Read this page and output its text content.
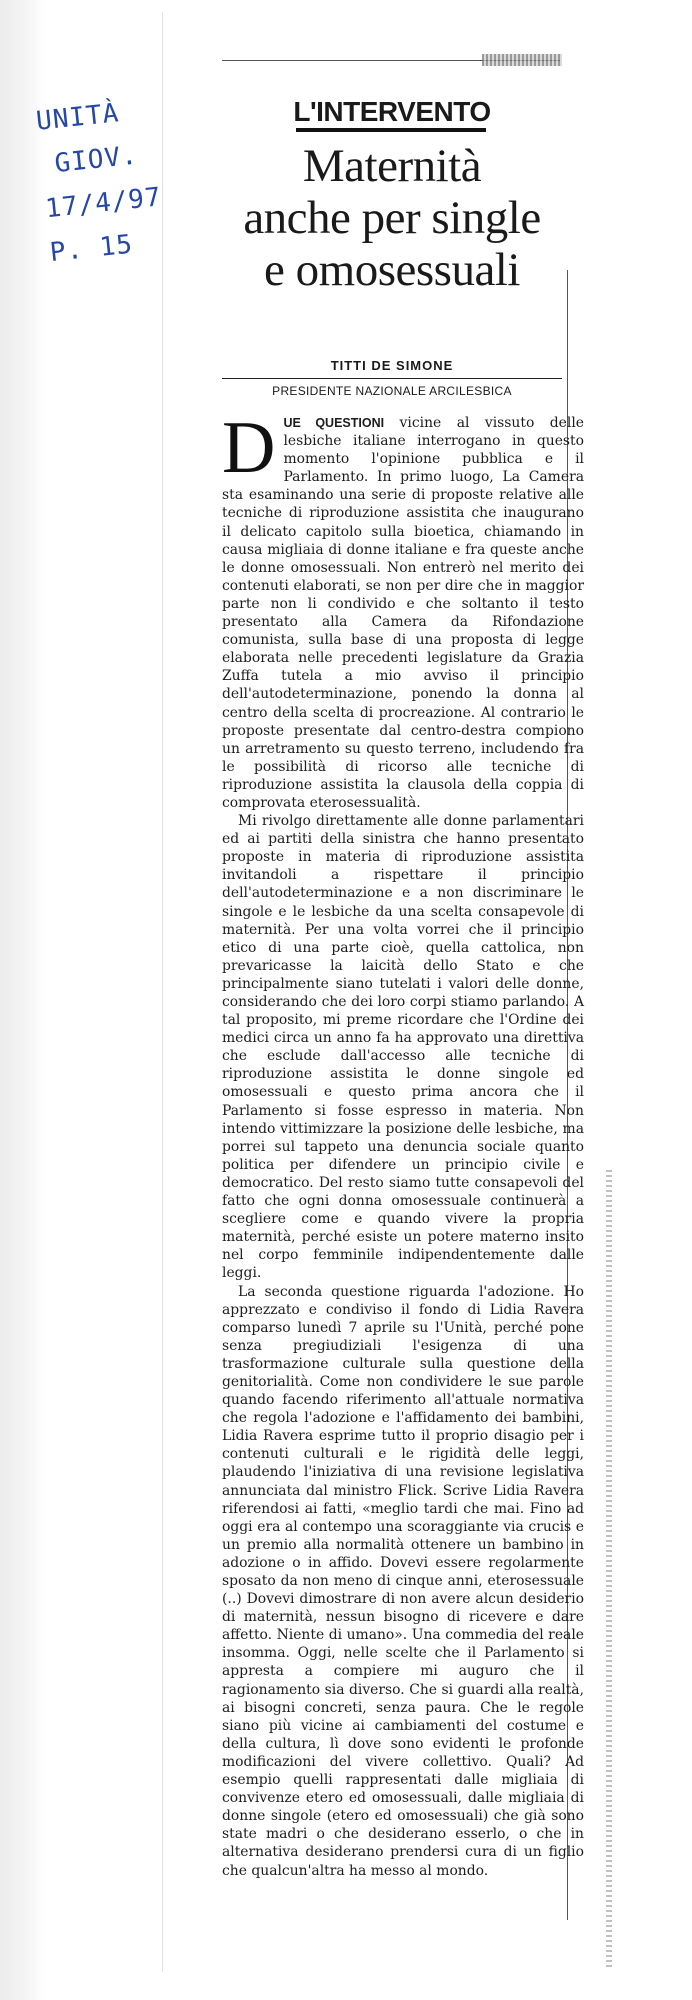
UNITÀ
GIOV.
17/4/97
P. 15
L'INTERVENTO
Maternità
anche per single
e omosessuali
TITTI DE SIMONE
PRESIDENTE NAZIONALE ARCILESBICA

DUE QUESTIONI vicine al vissuto delle lesbiche italiane interrogano in questo momento l'opinione pubblica e il Parlamento. In primo luogo, La Camera sta esaminando una serie di proposte relative alle tecniche di riproduzione assistita che inaugurano il delicato capitolo sulla bioetica, chiamando in causa migliaia di donne italiane e fra queste anche le donne omosessuali. Non entrerò nel merito dei contenuti elaborati, se non per dire che in maggior parte non li condivido e che soltanto il testo presentato alla Camera da Rifondazione comunista, sulla base di una proposta di legge elaborata nelle precedenti legislature da Grazia Zuffa tutela a mio avviso il principio dell'autodeterminazione, ponendo la donna al centro della scelta di procreazione. Al contrario le proposte presentate dal centro-destra compiono un arretramento su questo terreno, includendo fra le possibilità di ricorso alle tecniche di riproduzione assistita la clausola della coppia di comprovata eterosessualità.

Mi rivolgo direttamente alle donne parlamentari ed ai partiti della sinistra che hanno presentato proposte in materia di riproduzione assistita invitandoli a rispettare il principio dell'autodeterminazione e a non discriminare le singole e le lesbiche da una scelta consapevole di maternità. Per una volta vorrei che il principio etico di una parte cioè, quella cattolica, non prevaricasse la laicità dello Stato e che principalmente siano tutelati i valori delle donne, considerando che dei loro corpi stiamo parlando. A tal proposito, mi preme ricordare che l'Ordine dei medici circa un anno fa ha approvato una direttiva che esclude dall'accesso alle tecniche di riproduzione assistita le donne singole ed omosessuali e questo prima ancora che il Parlamento si fosse espresso in materia. Non intendo vittimizzare la posizione delle lesbiche, ma porrei sul tappeto una denuncia sociale quanto politica per difendere un principio civile e democratico. Del resto siamo tutte consapevoli del fatto che ogni donna omosessuale continuerà a scegliere come e quando vivere la propria maternità, perché esiste un potere materno insito nel corpo femminile indipendentemente dalle leggi.

La seconda questione riguarda l'adozione. Ho apprezzato e condiviso il fondo di Lidia Ravera comparso lunedì 7 aprile su l'Unità, perché pone senza pregiudiziali l'esigenza di una trasformazione culturale sulla questione della genitorialità. Come non condividere le sue parole quando facendo riferimento all'attuale normativa che regola l'adozione e l'affidamento dei bambini, Lidia Ravera esprime tutto il proprio disagio per i contenuti culturali e le rigidità delle leggi, plaudendo l'iniziativa di una revisione legislativa annunciata dal ministro Flick. Scrive Lidia Ravera riferendosi ai fatti, «meglio tardi che mai. Fino ad oggi era al contempo una scoraggiante via crucis e un premio alla normalità ottenere un bambino in adozione o in affido. Dovevi essere regolarmente sposato da non meno di cinque anni, eterosessuale (..) Dovevi dimostrare di non avere alcun desiderio di maternità, nessun bisogno di ricevere e dare affetto. Niente di umano». Una commedia del reale insomma. Oggi, nelle scelte che il Parlamento si appresta a compiere mi auguro che il ragionamento sia diverso. Che si guardi alla realtà, ai bisogni concreti, senza paura. Che le regole siano più vicine ai cambiamenti del costume e della cultura, lì dove sono evidenti le profonde modificazioni del vivere collettivo. Quali? Ad esempio quelli rappresentati dalle migliaia di convivenze etero ed omosessuali, dalle migliaia di donne singole (etero ed omosessuali) che già sono state madri o che desiderano esserlo, o che in alternativa desiderano prendersi cura di un figlio che qualcun'altra ha messo al mondo.
